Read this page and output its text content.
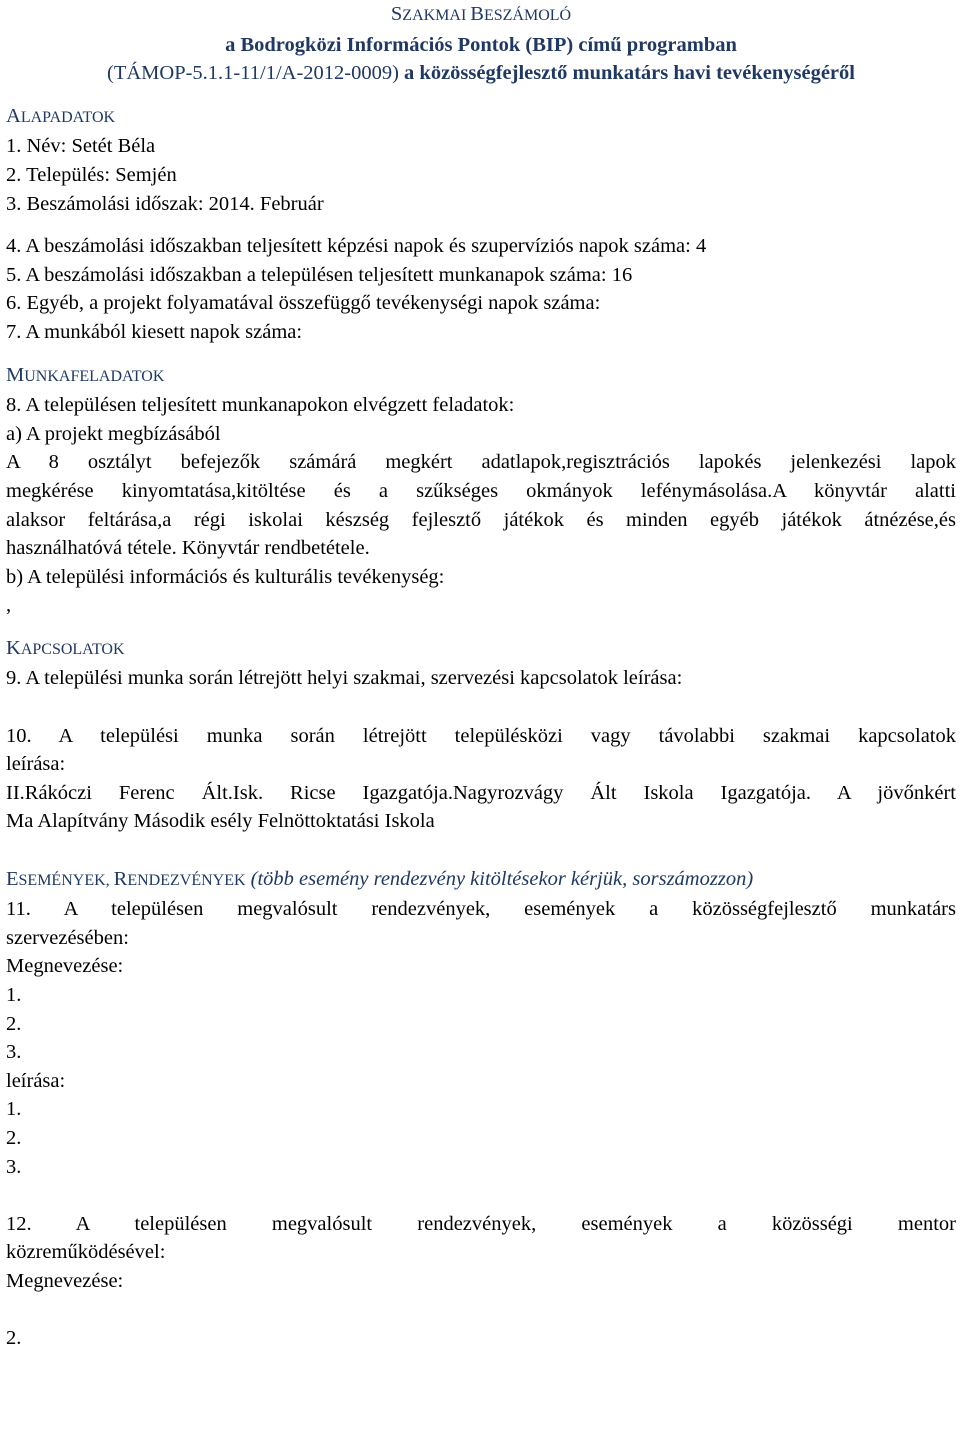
SZAKMAI BESZÁMOLÓ
a Bodrogközi Információs Pontok (BIP) című programban
(TÁMOP-5.1.1-11/1/A-2012-0009) a közösségfejlesztő munkatárs havi tevékenységéről
ALAPADATOK
1. Név: Setét Béla
2. Település: Semjén
3. Beszámolási időszak: 2014. Február
4. A beszámolási időszakban teljesített képzési napok és szupervíziós napok száma: 4
5. A beszámolási időszakban a településen teljesített munkanapok száma: 16
6. Egyéb, a projekt folyamatával összefüggő tevékenységi napok száma:
7. A munkából kiesett napok száma:
MUNKAFELADATOK
8. A településen teljesített munkanapokon elvégzett feladatok:
a) A projekt megbízásából
A 8 osztályt befejezők számárá megkért adatlapok,regisztrációs lapokés jelenkezési lapok
megkérése kinyomtatása,kitöltése és a szűkséges okmányok lefénymásolása.A könyvtár alatti
alaksor feltárása,a régi iskolai készség fejlesztő játékok és minden egyéb játékok átnézése,és
használhatóvá tétele. Könyvtár rendbetétele.
b) A települési információs és kulturális tevékenység:
,
KAPCSOLATOK
9. A települési munka során létrejött helyi szakmai, szervezési kapcsolatok leírása:
10. A települési munka során létrejött településközi vagy távolabbi szakmai kapcsolatok
leírása:
II.Rákóczi Ferenc Ált.Isk. Ricse Igazgatója.Nagyrozvágy Ált Iskola Igazgatója. A jövőnkért
Ma Alapítvány Második esély Felnöttoktatási Iskola
ESEMÉNYEK, RENDEZVÉNYEK (több esemény rendezvény kitöltésekor kérjük, sorszámozzon)
11. A településen megvalósult rendezvények, események a közösségfejlesztő munkatárs
szervezésében:
Megnevezése:
1.
2.
3.
leírása:
1.
2.
3.
12. A településen megvalósult rendezvények, események a közösségi mentor
közreműködésével:
Megnevezése:
2.
